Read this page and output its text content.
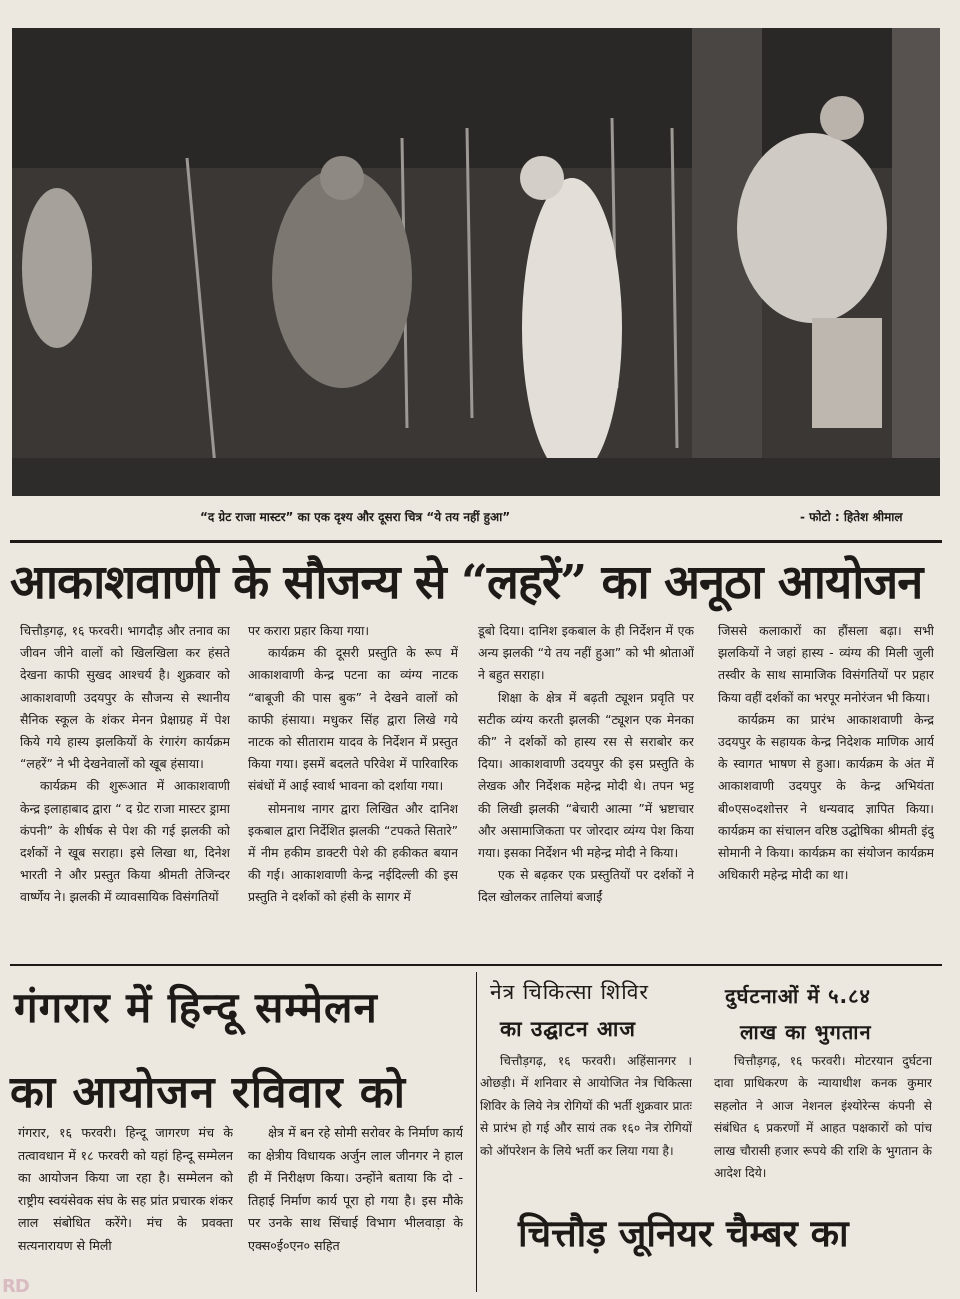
“द ग्रेट राजा मास्टर” का एक दृश्य और दूसरा चित्र “ये तय नहीं हुआ”	- फोटो : हितेश श्रीमाल
आकाशवाणी के सौजन्य से “लहरें” का अनूठा आयोजन

चित्तौड़गढ़, १६ फरवरी। भागदौड़ और तनाव का जीवन जीने वालों को खिलखिला कर हंसते देखना काफी सुखद आश्चर्य है। शुक्रवार को आकाशवाणी उदयपुर के सौजन्य से स्थानीय सैनिक स्कूल के शंकर मेनन प्रेक्षाग्रह में पेश किये गये हास्य झलकियों के रंगारंग कार्यक्रम “लहरें” ने भी देखनेवालों को खूब हंसाया।

कार्यक्रम की शुरूआत में आकाशवाणी केन्द्र इलाहाबाद द्वारा “ द ग्रेट राजा मास्टर ड्रामा कंपनी” के शीर्षक से पेश की गई झलकी को दर्शकों ने खूब सराहा। इसे लिखा था, दिनेश भारती ने और प्रस्तुत किया श्रीमती तेजिन्दर वार्ष्णेय ने। झलकी में व्यावसायिक विसंगतियों

पर करारा प्रहार किया गया।

कार्यक्रम की दूसरी प्रस्तुति के रूप में आकाशवाणी केन्द्र पटना का व्यंग्य नाटक “बाबूजी की पास बुक” ने देखने वालों को काफी हंसाया। मधुकर सिंह द्वारा लिखे गये नाटक को सीताराम यादव के निर्देशन में प्रस्तुत किया गया। इसमें बदलते परिवेश में पारिवारिक संबंधों में आई स्वार्थ भावना को दर्शाया गया।

सोमनाथ नागर द्वारा लिखित और दानिश इकबाल द्वारा निर्देशित झलकी “टपकते सितारे” में नीम हकीम डाक्टरी पेशे की हकीकत बयान की गई। आकाशवाणी केन्द्र नईदिल्ली की इस प्रस्तुति ने दर्शकों को हंसी के सागर में

डूबो दिया। दानिश इकबाल के ही निर्देशन में एक अन्य झलकी “ये तय नहीं हुआ” को भी श्रोताओं ने बहुत सराहा।

शिक्षा के क्षेत्र में बढ़ती ट्यूशन प्रवृति पर सटीक व्यंग्य करती झलकी “ट्यूशन एक मेनका की” ने दर्शकों को हास्य रस से सराबोर कर दिया। आकाशवाणी उदयपुर की इस प्रस्तुति के लेखक और निर्देशक महेन्द्र मोदी थे। तपन भट्ट की लिखी झलकी “बेचारी आत्मा ”में भ्रष्टाचार और असामाजिकता पर जोरदार व्यंग्य पेश किया गया। इसका निर्देशन भी महेन्द्र मोदी ने किया।

एक से बढ़कर एक प्रस्तुतियों पर दर्शकों ने दिल खोलकर तालियां बजाईं

जिससे कलाकारों का हौंसला बढ़ा। सभी झलकियों ने जहां हास्य - व्यंग्य की मिली जुली तस्वीर के साथ सामाजिक विसंगतियों पर प्रहार किया वहीं दर्शकों का भरपूर मनोरंजन भी किया।

कार्यक्रम का प्रारंभ आकाशवाणी केन्द्र उदयपुर के सहायक केन्द्र निदेशक माणिक आर्य के स्वागत भाषण से हुआ। कार्यक्रम के अंत में आकाशवाणी उदयपुर के केन्द्र अभियंता बी०एस०दशोत्तर ने धन्यवाद ज्ञापित किया। कार्यक्रम का संचालन वरिष्ठ उद्घोषिका श्रीमती इंदु सोमानी ने किया। कार्यक्रम का संयोजन कार्यक्रम अधिकारी महेन्द्र मोदी का था।

गंगरार में हिन्दू सम्मेलन
का आयोजन रविवार को

गंगरार, १६ फरवरी। हिन्दू जागरण मंच के तत्वावधान में १८ फरवरी को यहां हिन्दू सम्मेलन का आयोजन किया जा रहा है। सम्मेलन को राष्ट्रीय स्वयंसेवक संघ के सह प्रांत प्रचारक शंकर लाल संबोधित करेंगे। मंच के प्रवक्ता सत्यनारायण से मिली

क्षेत्र में बन रहे सोमी सरोवर के निर्माण कार्य का क्षेत्रीय विधायक अर्जुन लाल जीनगर ने हाल ही में निरीक्षण किया। उन्होंने बताया कि दो - तिहाई निर्माण कार्य पूरा हो गया है। इस मौके पर उनके साथ सिंचाई विभाग भीलवाड़ा के एक्स०ई०एन० सहित

नेत्र चिकित्सा शिविर
का उद्घाटन आज

चित्तौड़गढ़, १६ फरवरी। अहिंसानगर ।ओछड़ी। में शनिवार से आयोजित नेत्र चिकित्सा शिविर के लिये नेत्र रोगियों की भर्ती शुक्रवार प्रातः से प्रारंभ हो गई और सायं तक १६० नेत्र रोगियों को ऑपरेशन के लिये भर्ती कर लिया गया है।

दुर्घटनाओं में ५.८४
लाख का भुगतान

चित्तौड़गढ़, १६ फरवरी। मोटरयान दुर्घटना दावा प्राधिकरण के न्यायाधीश कनक कुमार सहलोत ने आज नेशनल इंश्योरेन्स कंपनी से संबंधित ६ प्रकरणों में आहत पक्षकारों को पांच लाख चौरासी हजार रूपये की राशि के भुगतान के आदेश दिये।

चित्तौड़ जूनियर चैम्बर का
RD
